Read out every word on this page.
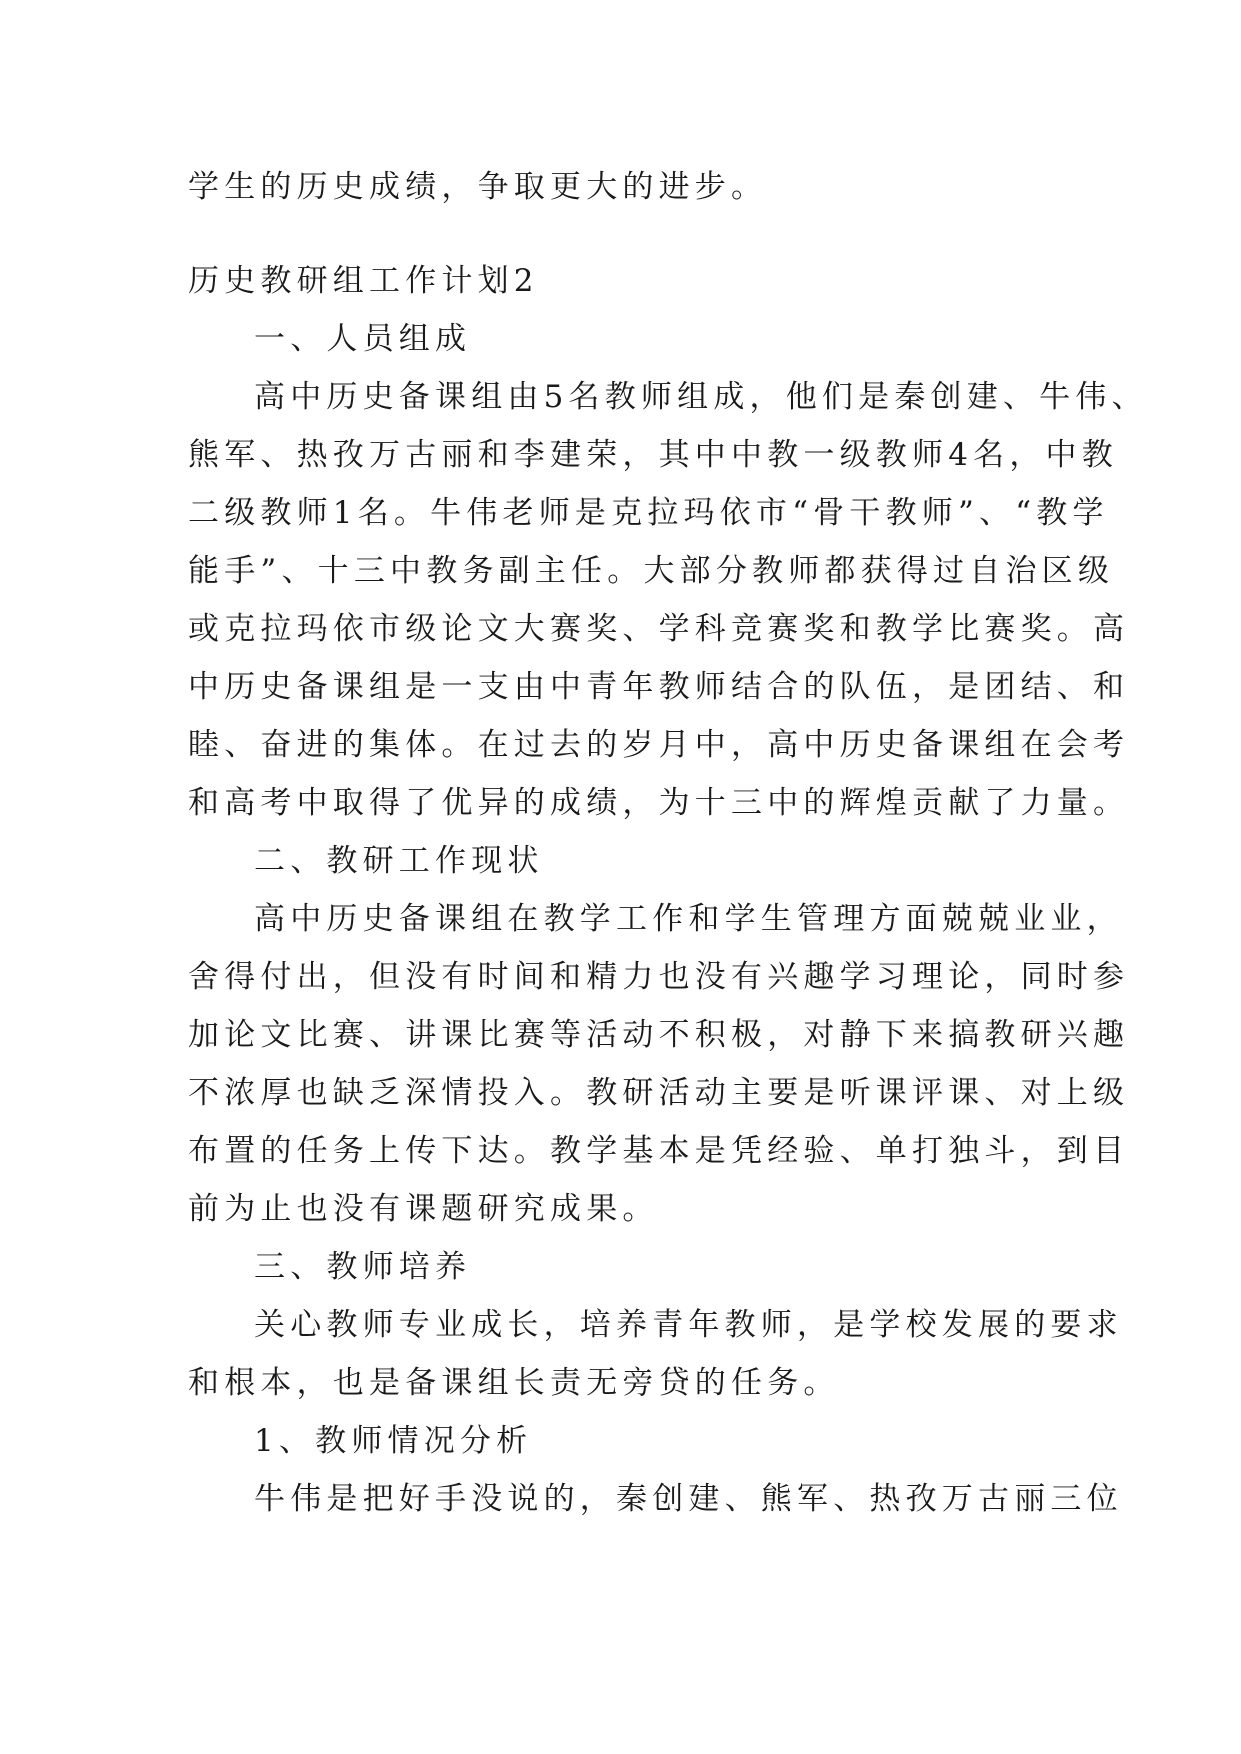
学生的历史成绩，争取更大的进步。

历史教研组工作计划2

一、人员组成

高中历史备课组由5名教师组成，他们是秦创建、牛伟、

熊军、热孜万古丽和李建荣，其中中教一级教师4名，中教

二级教师1名。牛伟老师是克拉玛依市“骨干教师”、“教学

能手”、十三中教务副主任。大部分教师都获得过自治区级

或克拉玛依市级论文大赛奖、学科竞赛奖和教学比赛奖。高

中历史备课组是一支由中青年教师结合的队伍，是团结、和

睦、奋进的集体。在过去的岁月中，高中历史备课组在会考

和高考中取得了优异的成绩，为十三中的辉煌贡献了力量。

二、教研工作现状

高中历史备课组在教学工作和学生管理方面兢兢业业，

舍得付出，但没有时间和精力也没有兴趣学习理论，同时参

加论文比赛、讲课比赛等活动不积极，对静下来搞教研兴趣

不浓厚也缺乏深情投入。教研活动主要是听课评课、对上级

布置的任务上传下达。教学基本是凭经验、单打独斗，到目

前为止也没有课题研究成果。

三、教师培养

关心教师专业成长，培养青年教师，是学校发展的要求

和根本，也是备课组长责无旁贷的任务。

1、教师情况分析

牛伟是把好手没说的，秦创建、熊军、热孜万古丽三位
